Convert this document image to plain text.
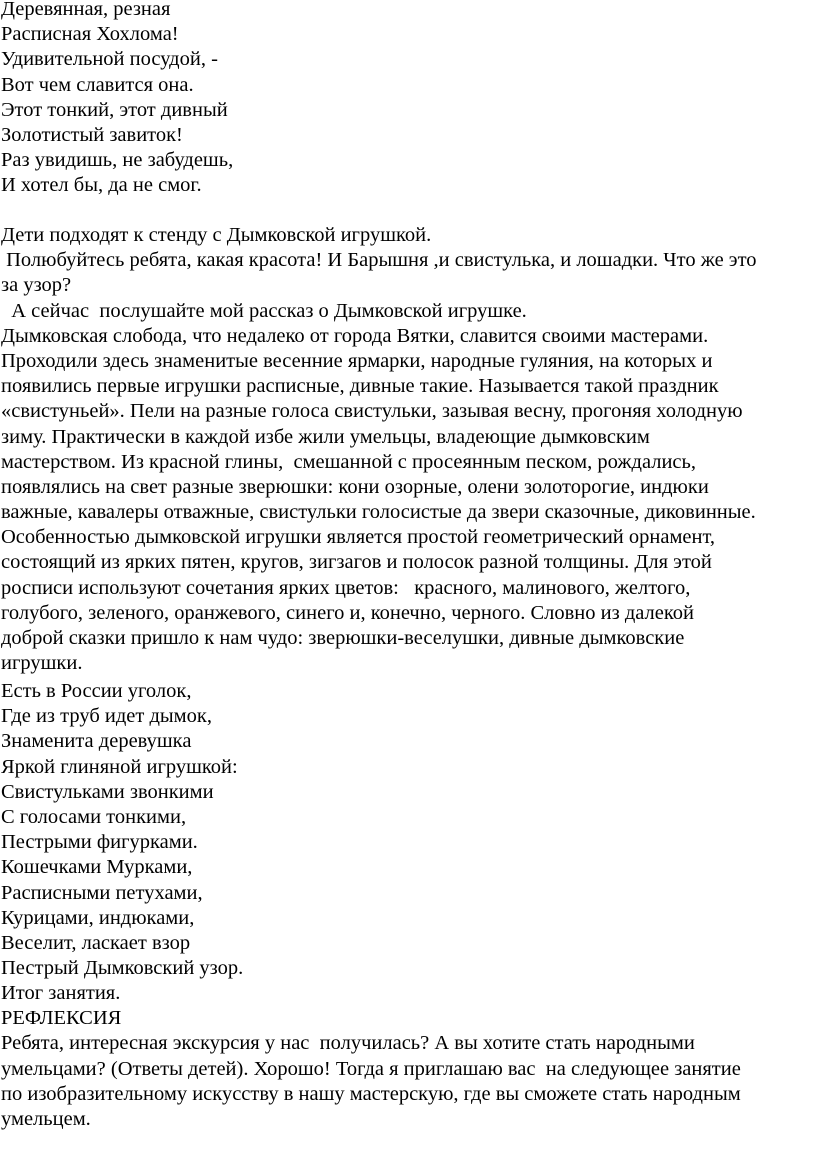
Деревянная, резная
Расписная Хохлома!
Удивительной посудой, -
Вот чем славится она.
Этот тонкий, этот дивный
Золотистый завиток!
Раз увидишь, не забудешь,
И хотел бы, да не смог.
Дети подходят к стенду с Дымковской игрушкой.
Полюбуйтесь ребята, какая красота! И Барышня ,и свистулька, и лошадки. Что же это
за узор?
А сейчас  послушайте мой рассказ о Дымковской игрушке.
Дымковская слобода, что недалеко от города Вятки, славится своими мастерами.
Проходили здесь знаменитые весенние ярмарки, народные гуляния, на которых и
появились первые игрушки расписные, дивные такие. Называется такой праздник
«свистуньей». Пели на разные голоса свистульки, зазывая весну, прогоняя холодную
зиму. Практически в каждой избе жили умельцы, владеющие дымковским
мастерством. Из красной глины,  смешанной с просеянным песком, рождались,
появлялись на свет разные зверюшки: кони озорные, олени золоторогие, индюки
важные, кавалеры отважные, свистульки голосистые да звери сказочные, диковинные.
Особенностью дымковской игрушки является простой геометрический орнамент,
состоящий из ярких пятен, кругов, зигзагов и полосок разной толщины. Для этой
росписи используют сочетания ярких цветов:   красного, малинового, желтого,
голубого, зеленого, оранжевого, синего и, конечно, черного. Словно из далекой
доброй сказки пришло к нам чудо: зверюшки-веселушки, дивные дымковские
игрушки.
Есть в России уголок,
Где из труб идет дымок,
Знаменита деревушка
Яркой глиняной игрушкой:
Свистульками звонкими
С голосами тонкими,
Пестрыми фигурками.
Кошечками Мурками,
Расписными петухами,
Курицами, индюками,
Веселит, ласкает взор
Пестрый Дымковский узор.
Итог занятия.
РЕФЛЕКСИЯ
Ребята, интересная экскурсия у нас  получилась? А вы хотите стать народными
умельцами? (Ответы детей). Хорошо! Тогда я приглашаю вас  на следующее занятие
по изобразительному искусству в нашу мастерскую, где вы сможете стать народным
умельцем.
